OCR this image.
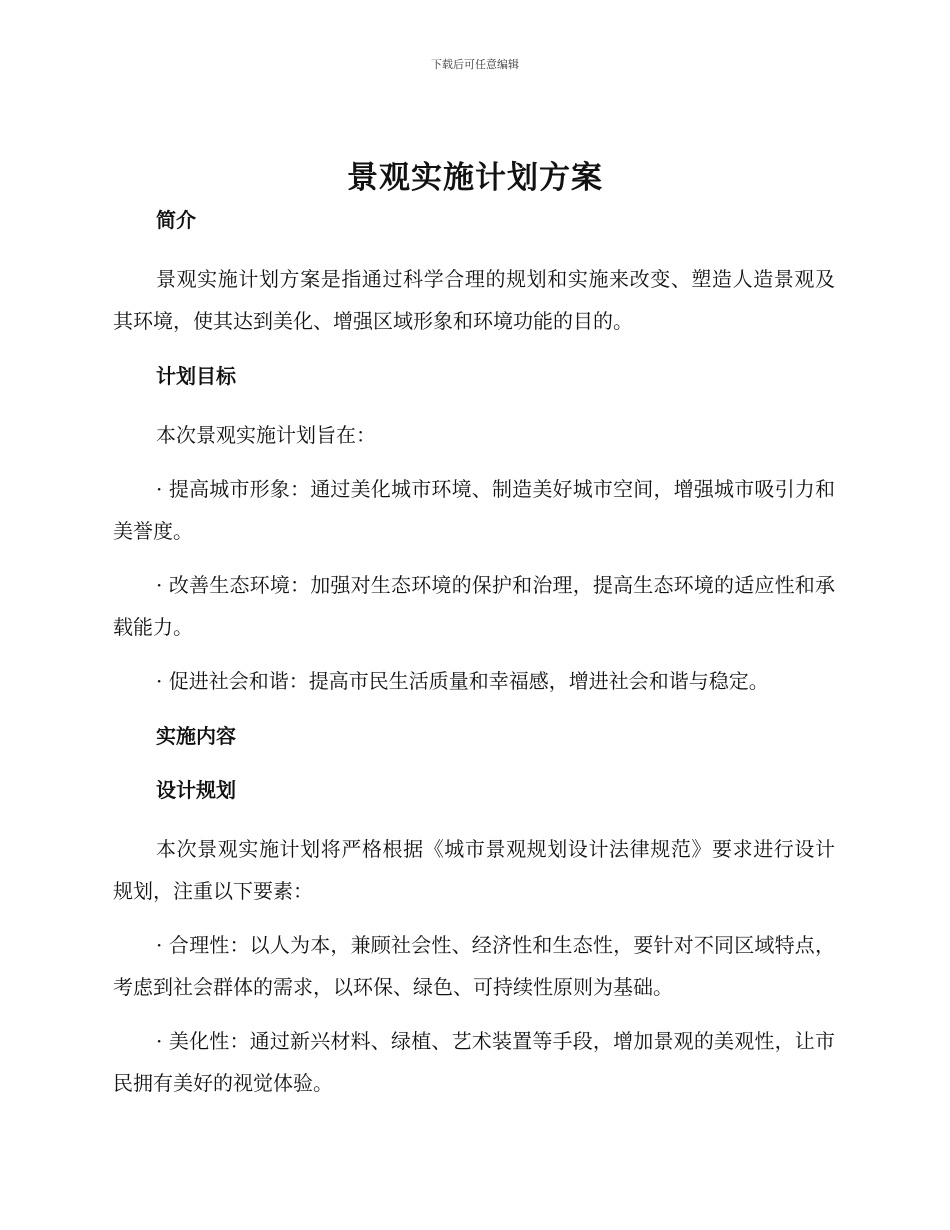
下载后可任意编辑
景观实施计划方案
简介

景观实施计划方案是指通过科学合理的规划和实施来改变、塑造人造景观及其环境，使其达到美化、增强区域形象和环境功能的目的。

计划目标

本次景观实施计划旨在：

· 提高城市形象：通过美化城市环境、制造美好城市空间，增强城市吸引力和美誉度。

· 改善生态环境：加强对生态环境的保护和治理，提高生态环境的适应性和承载能力。

· 促进社会和谐：提高市民生活质量和幸福感，增进社会和谐与稳定。

实施内容
设计规划

本次景观实施计划将严格根据《城市景观规划设计法律规范》要求进行设计规划，注重以下要素：

· 合理性：以人为本，兼顾社会性、经济性和生态性，要针对不同区域特点，考虑到社会群体的需求，以环保、绿色、可持续性原则为基础。

· 美化性：通过新兴材料、绿植、艺术装置等手段，增加景观的美观性，让市民拥有美好的视觉体验。
